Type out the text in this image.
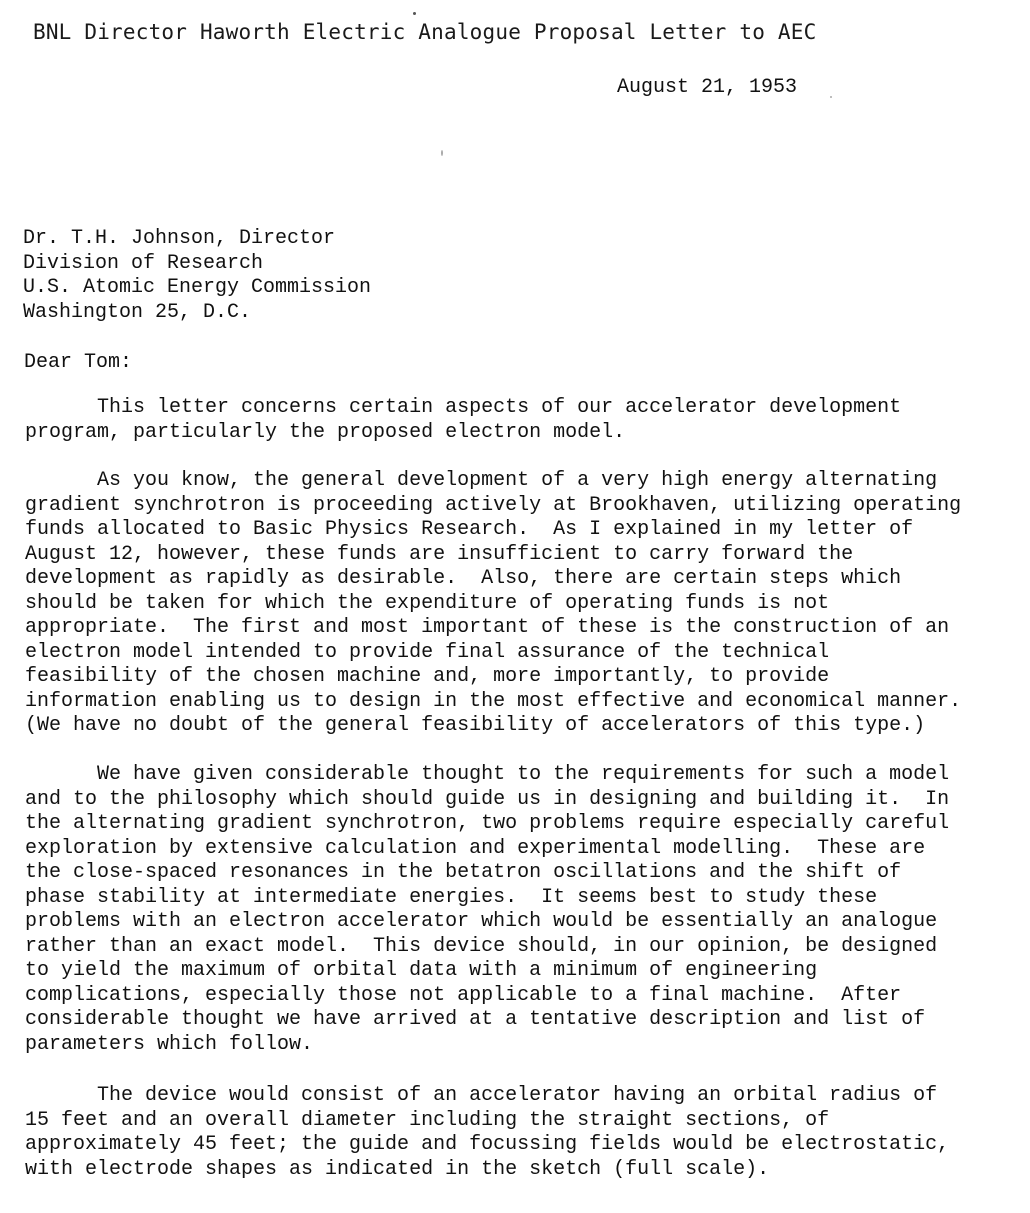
BNL Director Haworth Electric Analogue Proposal Letter to AEC
August 21, 1953
Dr. T.H. Johnson, Director
Division of Research
U.S. Atomic Energy Commission
Washington 25, D.C.
Dear Tom:
This letter concerns certain aspects of our accelerator development
program, particularly the proposed electron model.
As you know, the general development of a very high energy alternating
gradient synchrotron is proceeding actively at Brookhaven, utilizing operating
funds allocated to Basic Physics Research.  As I explained in my letter of
August 12, however, these funds are insufficient to carry forward the
development as rapidly as desirable.  Also, there are certain steps which
should be taken for which the expenditure of operating funds is not
appropriate.  The first and most important of these is the construction of an
electron model intended to provide final assurance of the technical
feasibility of the chosen machine and, more importantly, to provide
information enabling us to design in the most effective and economical manner.
(We have no doubt of the general feasibility of accelerators of this type.)
We have given considerable thought to the requirements for such a model
and to the philosophy which should guide us in designing and building it.  In
the alternating gradient synchrotron, two problems require especially careful
exploration by extensive calculation and experimental modelling.  These are
the close-spaced resonances in the betatron oscillations and the shift of
phase stability at intermediate energies.  It seems best to study these
problems with an electron accelerator which would be essentially an analogue
rather than an exact model.  This device should, in our opinion, be designed
to yield the maximum of orbital data with a minimum of engineering
complications, especially those not applicable to a final machine.  After
considerable thought we have arrived at a tentative description and list of
parameters which follow.
The device would consist of an accelerator having an orbital radius of
15 feet and an overall diameter including the straight sections, of
approximately 45 feet; the guide and focussing fields would be electrostatic,
with electrode shapes as indicated in the sketch (full scale).
